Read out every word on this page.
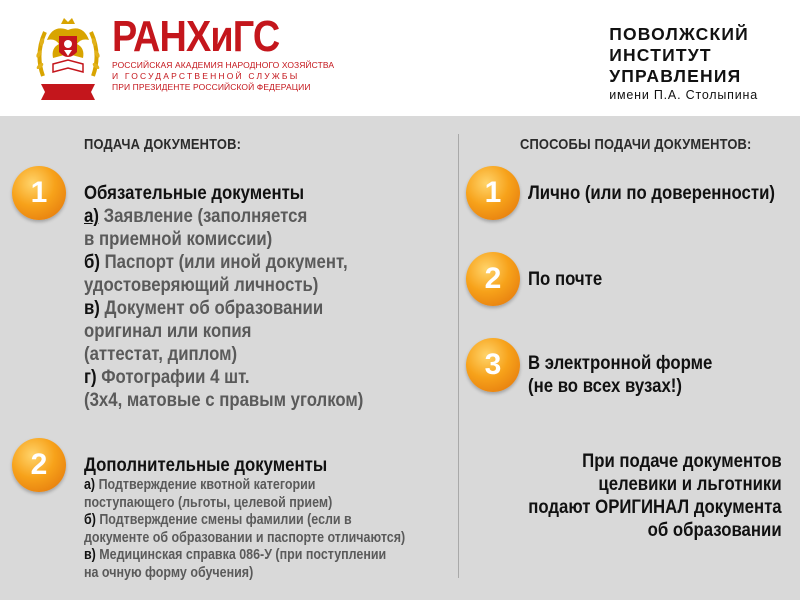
РАНХиГС
РОССИЙСКАЯ АКАДЕМИЯ НАРОДНОГО ХОЗЯЙСТВА
И ГОСУДАРСТВЕННОЙ СЛУЖБЫ
ПРИ ПРЕЗИДЕНТЕ РОССИЙСКОЙ ФЕДЕРАЦИИ
ПОВОЛЖСКИЙ
ИНСТИТУТ
УПРАВЛЕНИЯ
имени П.А. Столыпина
ПОДАЧА ДОКУМЕНТОВ:
1	Обязательные документы
а) Заявление (заполняется
в приемной комиссии)
б) Паспорт (или иной документ,
удостоверяющий личность)
в) Документ об образовании
оригинал или копия
(аттестат, диплом)
г) Фотографии 4 шт.
(3х4, матовые с правым уголком)
2	Дополнительные документы
а) Подтверждение квотной категории
поступающего (льготы, целевой прием)
б) Подтверждение смены фамилии (если в
документе об образовании и паспорте отличаются)
в) Медицинская справка 086-У (при поступлении
на очную форму обучения)
СПОСОБЫ ПОДАЧИ ДОКУМЕНТОВ:
1	Лично (или по доверенности)
2	По почте
3	В электронной форме
(не во всех вузах!)
При подаче документов
целевики и льготники
подают ОРИГИНАЛ документа
об образовании
